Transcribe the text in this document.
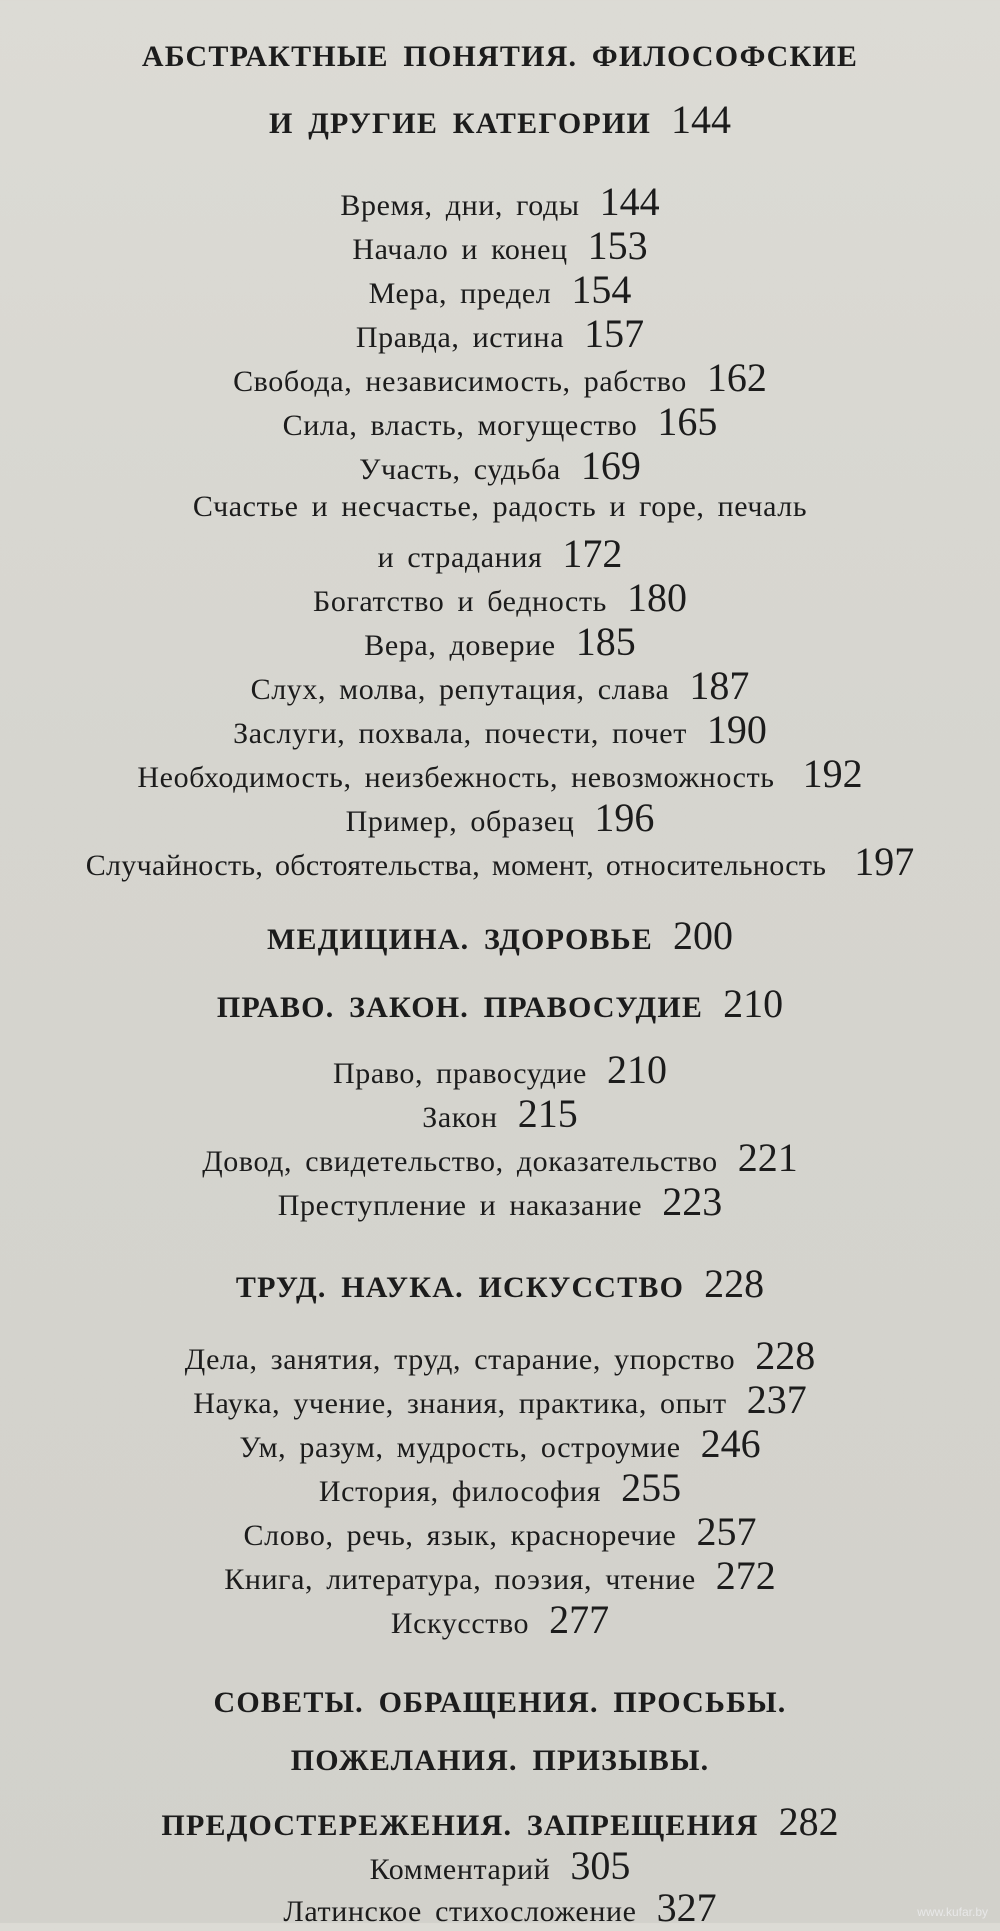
АБСТРАКТНЫЕ ПОНЯТИЯ. ФИЛОСОФСКИЕ
И ДРУГИЕ КАТЕГОРИИ 144
Время, дни, годы 144
Начало и конец 153
Мера, предел 154
Правда, истина 157
Свобода, независимость, рабство 162
Сила, власть, могущество 165
Участь, судьба 169
Счастье и несчастье, радость и горе, печаль
и страдания 172
Богатство и бедность 180
Вера, доверие 185
Слух, молва, репутация, слава 187
Заслуги, похвала, почести, почет 190
Необходимость, неизбежность, невозможность 192
Пример, образец 196
Случайность, обстоятельства, момент, относительность 197
МЕДИЦИНА. ЗДОРОВЬЕ 200
ПРАВО. ЗАКОН. ПРАВОСУДИЕ 210
Право, правосудие 210
Закон 215
Довод, свидетельство, доказательство 221
Преступление и наказание 223
ТРУД. НАУКА. ИСКУССТВО 228
Дела, занятия, труд, старание, упорство 228
Наука, учение, знания, практика, опыт 237
Ум, разум, мудрость, остроумие 246
История, философия 255
Слово, речь, язык, красноречие 257
Книга, литература, поэзия, чтение 272
Искусство 277
СОВЕТЫ. ОБРАЩЕНИЯ. ПРОСЬБЫ.
ПОЖЕЛАНИЯ. ПРИЗЫВЫ.
ПРЕДОСТЕРЕЖЕНИЯ. ЗАПРЕЩЕНИЯ 282
Комментарий 305
Латинское стихосложение 327	www.kufar.by
